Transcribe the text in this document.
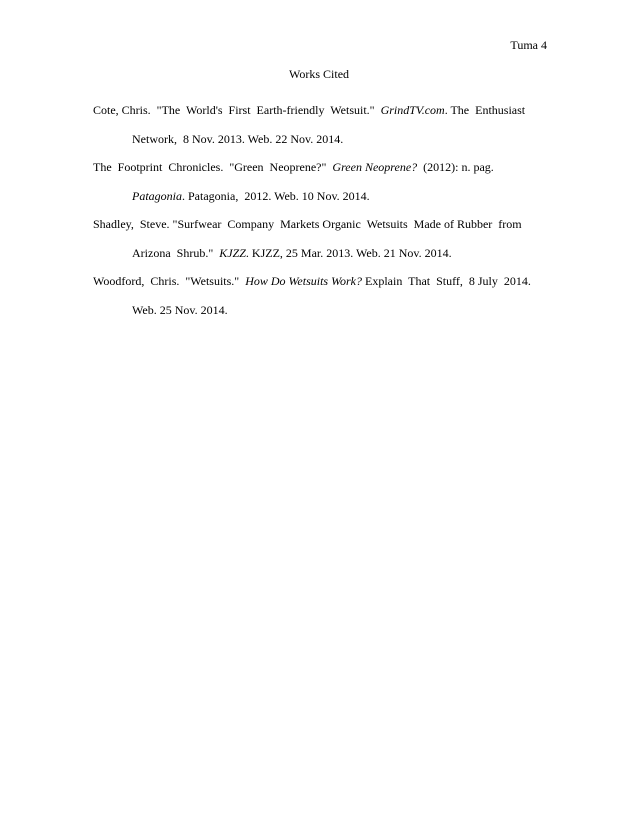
Tuma 4
Works Cited
Cote, Chris.  "The  World's  First  Earth-friendly  Wetsuit."  GrindTV.com. The  Enthusiast
Network,  8 Nov. 2013. Web. 22 Nov. 2014.
The  Footprint  Chronicles.  "Green  Neoprene?"  Green Neoprene?  (2012): n. pag.
Patagonia. Patagonia,  2012. Web. 10 Nov. 2014.
Shadley,  Steve. "Surfwear  Company  Markets Organic  Wetsuits  Made of Rubber  from
Arizona  Shrub."  KJZZ. KJZZ, 25 Mar. 2013. Web. 21 Nov. 2014.
Woodford,  Chris.  "Wetsuits."  How Do Wetsuits Work? Explain  That  Stuff,  8 July  2014.
Web. 25 Nov. 2014.
